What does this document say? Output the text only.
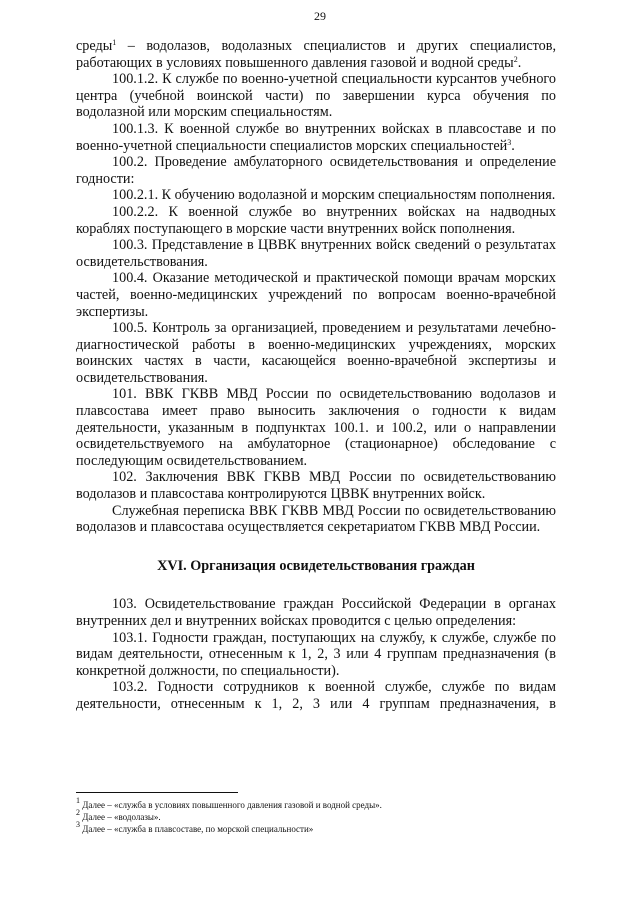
29

среды$^1$ – водолазов, водолазных специалистов и других специалистов, работающих в условиях повышенного давления газовой и водной среды$^2$.

100.1.2. К службе по военно-учетной специальности курсантов учебного центра (учебной воинской части) по завершении курса обучения по водолазной или морским специальностям.

100.1.3. К военной службе во внутренних войсках в плавсоставе и по военно-учетной специальности специалистов морских специальностей$^3$.

100.2. Проведение амбулаторного освидетельствования и определение годности:

100.2.1. К обучению водолазной и морским специальностям пополнения.

100.2.2. К военной службе во внутренних войсках на надводных кораблях поступающего в морские части внутренних войск пополнения.

100.3. Представление в ЦВВК внутренних войск сведений о результатах освидетельствования.

100.4. Оказание методической и практической помощи врачам морских частей, военно-медицинских учреждений по вопросам военно-врачебной экспертизы.

100.5. Контроль за организацией, проведением и результатами лечебно-диагностической работы в военно-медицинских учреждениях, морских воинских частях в части, касающейся военно-врачебной экспертизы и освидетельствования.

101. ВВК ГКВВ МВД России по освидетельствованию водолазов и плавсостава имеет право выносить заключения о годности к видам деятельности, указанным в подпунктах 100.1. и 100.2, или о направлении освидетельствуемого на амбулаторное (стационарное) обследование с последующим освидетельствованием.

102. Заключения ВВК ГКВВ МВД России по освидетельствованию водолазов и плавсостава контролируются ЦВВК внутренних войск.

Служебная переписка ВВК ГКВВ МВД России по освидетельствованию водолазов и плавсостава осуществляется секретариатом ГКВВ МВД России.

XVI. Организация освидетельствования граждан

103. Освидетельствование граждан Российской Федерации в органах внутренних дел и внутренних войсках проводится с целью определения:

103.1. Годности граждан, поступающих на службу, к службе, службе по видам деятельности, отнесенным к 1, 2, 3 или 4 группам предназначения (в конкретной должности, по специальности).

103.2. Годности сотрудников к военной службе, службе по видам деятельности, отнесенным к 1, 2, 3 или 4 группам предназначения, в

$^1$ Далее – «служба в условиях повышенного давления газовой и водной среды».
$^2$ Далее – «водолазы».
$^3$ Далее – «служба в плавсоставе, по морской специальности»
